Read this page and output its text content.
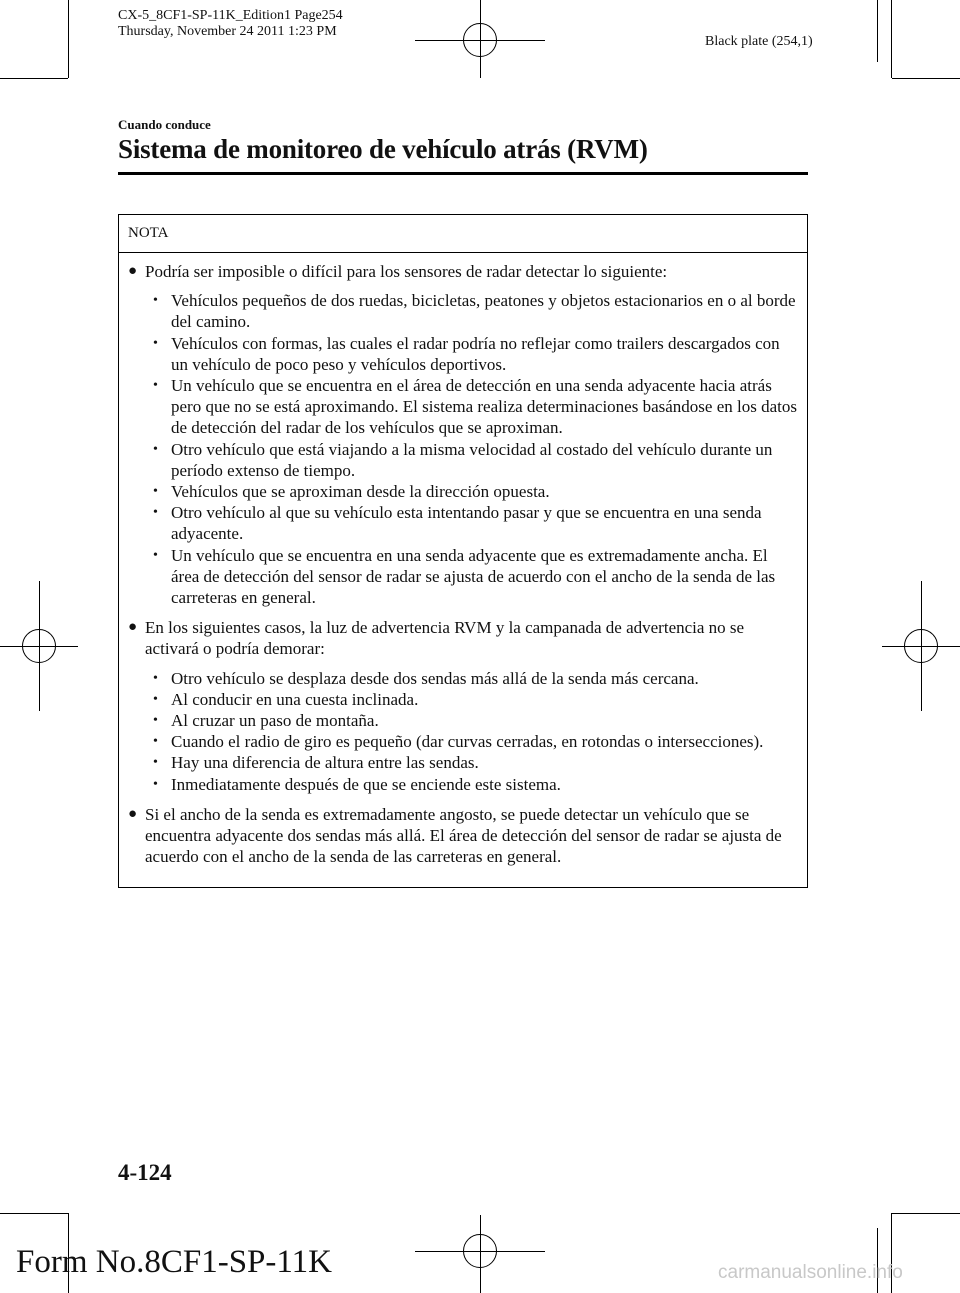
CX-5_8CF1-SP-11K_Edition1 Page254
Thursday, November 24 2011 1:23 PM
Black plate (254,1)
Cuando conduce
Sistema de monitoreo de vehículo atrás (RVM)
NOTA
● Podría ser imposible o difícil para los sensores de radar detectar lo siguiente:
• Vehículos pequeños de dos ruedas, bicicletas, peatones y objetos estacionarios en o al borde del camino.
• Vehículos con formas, las cuales el radar podría no reflejar como trailers descargados con un vehículo de poco peso y vehículos deportivos.
• Un vehículo que se encuentra en el área de detección en una senda adyacente hacia atrás pero que no se está aproximando. El sistema realiza determinaciones basándose en los datos de detección del radar de los vehículos que se aproximan.
• Otro vehículo que está viajando a la misma velocidad al costado del vehículo durante un período extenso de tiempo.
• Vehículos que se aproximan desde la dirección opuesta.
• Otro vehículo al que su vehículo esta intentando pasar y que se encuentra en una senda adyacente.
• Un vehículo que se encuentra en una senda adyacente que es extremadamente ancha. El área de detección del sensor de radar se ajusta de acuerdo con el ancho de la senda de las carreteras en general.
● En los siguientes casos, la luz de advertencia RVM y la campanada de advertencia no se activará o podría demorar:
• Otro vehículo se desplaza desde dos sendas más allá de la senda más cercana.
• Al conducir en una cuesta inclinada.
• Al cruzar un paso de montaña.
• Cuando el radio de giro es pequeño (dar curvas cerradas, en rotondas o intersecciones).
• Hay una diferencia de altura entre las sendas.
• Inmediatamente después de que se enciende este sistema.
● Si el ancho de la senda es extremadamente angosto, se puede detectar un vehículo que se encuentra adyacente dos sendas más allá. El área de detección del sensor de radar se ajusta de acuerdo con el ancho de la senda de las carreteras en general.
4-124
Form No.8CF1-SP-11K	carmanualsonline.info
